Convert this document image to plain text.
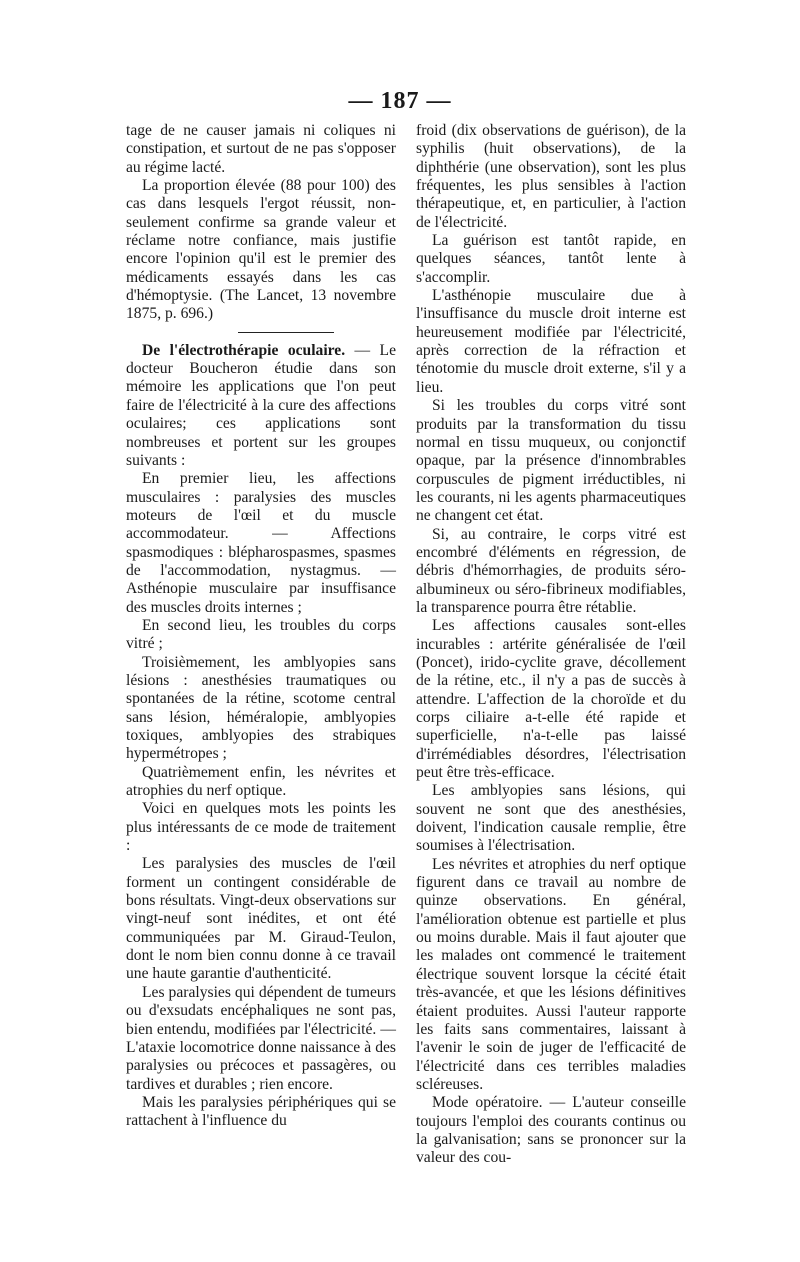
— 187 —

tage de ne causer jamais ni coliques ni constipation, et surtout de ne pas s'opposer au régime lacté.

La proportion élevée (88 pour 100) des cas dans lesquels l'ergot réussit, non-seulement confirme sa grande valeur et réclame notre confiance, mais justifie encore l'opinion qu'il est le premier des médicaments essayés dans les cas d'hémoptysie. (The Lancet, 13 novembre 1875, p. 696.)

De l'électrothérapie oculaire. — Le docteur Boucheron étudie dans son mémoire les applications que l'on peut faire de l'électricité à la cure des affections oculaires; ces applications sont nombreuses et portent sur les groupes suivants :

En premier lieu, les affections musculaires : paralysies des muscles moteurs de l'œil et du muscle accommodateur. — Affections spasmodiques : blépharospasmes, spasmes de l'accommodation, nystagmus. — Asthénopie musculaire par insuffisance des muscles droits internes ;

En second lieu, les troubles du corps vitré ;

Troisièmement, les amblyopies sans lésions : anesthésies traumatiques ou spontanées de la rétine, scotome central sans lésion, héméralopie, amblyopies toxiques, amblyopies des strabiques hypermétropes ;

Quatrièmement enfin, les névrites et atrophies du nerf optique.

Voici en quelques mots les points les plus intéressants de ce mode de traitement :

Les paralysies des muscles de l'œil forment un contingent considérable de bons résultats. Vingt-deux observations sur vingt-neuf sont inédites, et ont été communiquées par M. Giraud-Teulon, dont le nom bien connu donne à ce travail une haute garantie d'authenticité.

Les paralysies qui dépendent de tumeurs ou d'exsudats encéphaliques ne sont pas, bien entendu, modifiées par l'électricité. — L'ataxie locomotrice donne naissance à des paralysies ou précoces et passagères, ou tardives et durables ; rien encore.

Mais les paralysies périphériques qui se rattachent à l'influence du

froid (dix observations de guérison), de la syphilis (huit observations), de la diphthérie (une observation), sont les plus fréquentes, les plus sensibles à l'action thérapeutique, et, en particulier, à l'action de l'électricité.

La guérison est tantôt rapide, en quelques séances, tantôt lente à s'accomplir.

L'asthénopie musculaire due à l'insuffisance du muscle droit interne est heureusement modifiée par l'électricité, après correction de la réfraction et ténotomie du muscle droit externe, s'il y a lieu.

Si les troubles du corps vitré sont produits par la transformation du tissu normal en tissu muqueux, ou conjonctif opaque, par la présence d'innombrables corpuscules de pigment irréductibles, ni les courants, ni les agents pharmaceutiques ne changent cet état.

Si, au contraire, le corps vitré est encombré d'éléments en régression, de débris d'hémorrhagies, de produits séro-albumineux ou séro-fibrineux modifiables, la transparence pourra être rétablie.

Les affections causales sont-elles incurables : artérite généralisée de l'œil (Poncet), irido-cyclite grave, décollement de la rétine, etc., il n'y a pas de succès à attendre. L'affection de la choroïde et du corps ciliaire a-t-elle été rapide et superficielle, n'a-t-elle pas laissé d'irrémédiables désordres, l'électrisation peut être très-efficace.

Les amblyopies sans lésions, qui souvent ne sont que des anesthésies, doivent, l'indication causale remplie, être soumises à l'électrisation.

Les névrites et atrophies du nerf optique figurent dans ce travail au nombre de quinze observations. En général, l'amélioration obtenue est partielle et plus ou moins durable. Mais il faut ajouter que les malades ont commencé le traitement électrique souvent lorsque la cécité était très-avancée, et que les lésions définitives étaient produites. Aussi l'auteur rapporte les faits sans commentaires, laissant à l'avenir le soin de juger de l'efficacité de l'électricité dans ces terribles maladies scléreuses.

Mode opératoire. — L'auteur conseille toujours l'emploi des courants continus ou la galvanisation; sans se prononcer sur la valeur des cou-
